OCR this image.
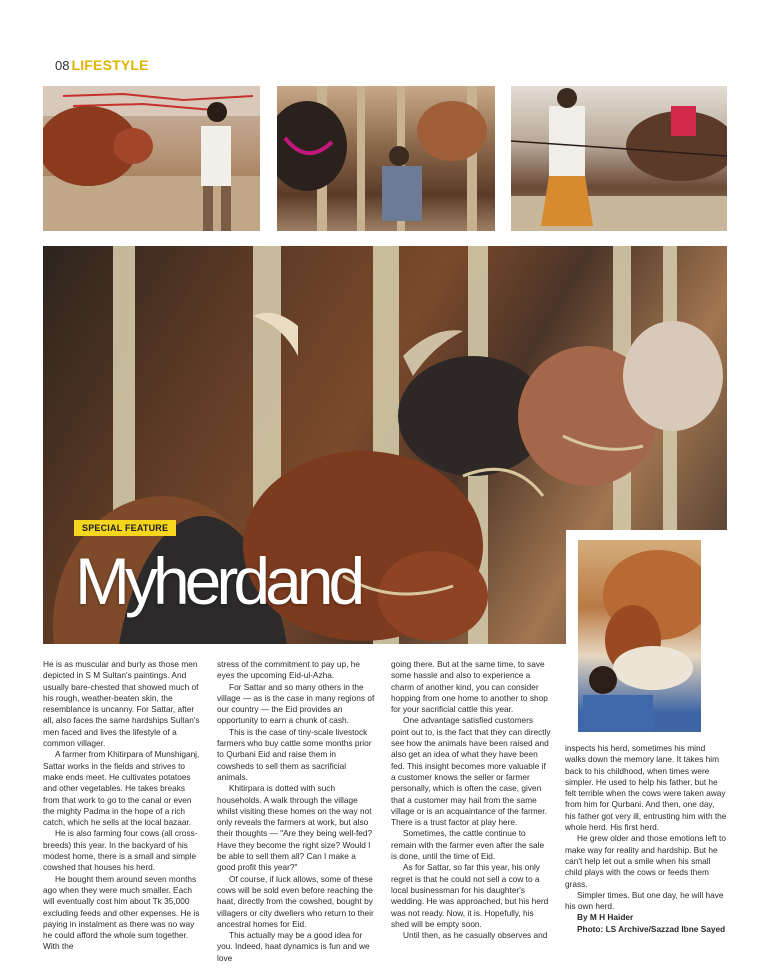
08 LIFESTYLE
SPECIAL FEATURE
Myherdand

He is as muscular and burly as those men depicted in S M Sultan's paintings. And usually bare-chested that showed much of his rough, weather-beaten skin, the resemblance is uncanny. For Sattar, after all, also faces the same hardships Sultan's men faced and lives the lifestyle of a common villager.

A farmer from Khitirpara of Munshiganj, Sattar works in the fields and strives to make ends meet. He cultivates potatoes and other vegetables. He takes breaks from that work to go to the canal or even the mighty Padma in the hope of a rich catch, which he sells at the local bazaar.

He is also farming four cows (all cross-breeds) this year. In the backyard of his modest home, there is a small and simple cowshed that houses his herd.

He bought them around seven months ago when they were much smaller. Each will eventually cost him about Tk 35,000 excluding feeds and other expenses. He is paying in instalment as there was no way he could afford the whole sum together. With the

stress of the commitment to pay up, he eyes the upcoming Eid-ul-Azha.

For Sattar and so many others in the village — as is the case in many regions of our country — the Eid provides an opportunity to earn a chunk of cash.

This is the case of tiny-scale livestock farmers who buy cattle some months prior to Qurbani Eid and raise them in cowsheds to sell them as sacrificial animals.

Khitirpara is dotted with such households. A walk through the village whilst visiting these homes on the way not only reveals the farmers at work, but also their thoughts — "Are they being well-fed? Have they become the right size? Would I be able to sell them all? Can I make a good profit this year?"

Of course, if luck allows, some of these cows will be sold even before reaching the haat, directly from the cowshed, bought by villagers or city dwellers who return to their ancestral homes for Eid.

This actually may be a good idea for you. Indeed, haat dynamics is fun and we love

going there. But at the same time, to save some hassle and also to experience a charm of another kind, you can consider hopping from one home to another to shop for your sacrificial cattle this year.

One advantage satisfied customers point out to, is the fact that they can directly see how the animals have been raised and also get an idea of what they have been fed. This insight becomes more valuable if a customer knows the seller or farmer personally, which is often the case, given that a customer may hail from the same village or is an acquaintance of the farmer. There is a trust factor at play here.

Sometimes, the cattle continue to remain with the farmer even after the sale is done, until the time of Eid.

As for Sattar, so far this year, his only regret is that he could not sell a cow to a local businessman for his daughter's wedding. He was approached, but his herd was not ready. Now, it is. Hopefully, his shed will be empty soon.

Until then, as he casually observes and

inspects his herd, sometimes his mind walks down the memory lane. It takes him back to his childhood, when times were simpler. He used to help his father, but he felt terrible when the cows were taken away from him for Qurbani. And then, one day, his father got very ill, entrusting him with the whole herd. His first herd.

He grew older and those emotions left to make way for reality and hardship. But he can't help let out a smile when his small child plays with the cows or feeds them grass.

Simpler times. But one day, he will have his own herd.

By M H Haider

Photo: LS Archive/Sazzad Ibne Sayed
